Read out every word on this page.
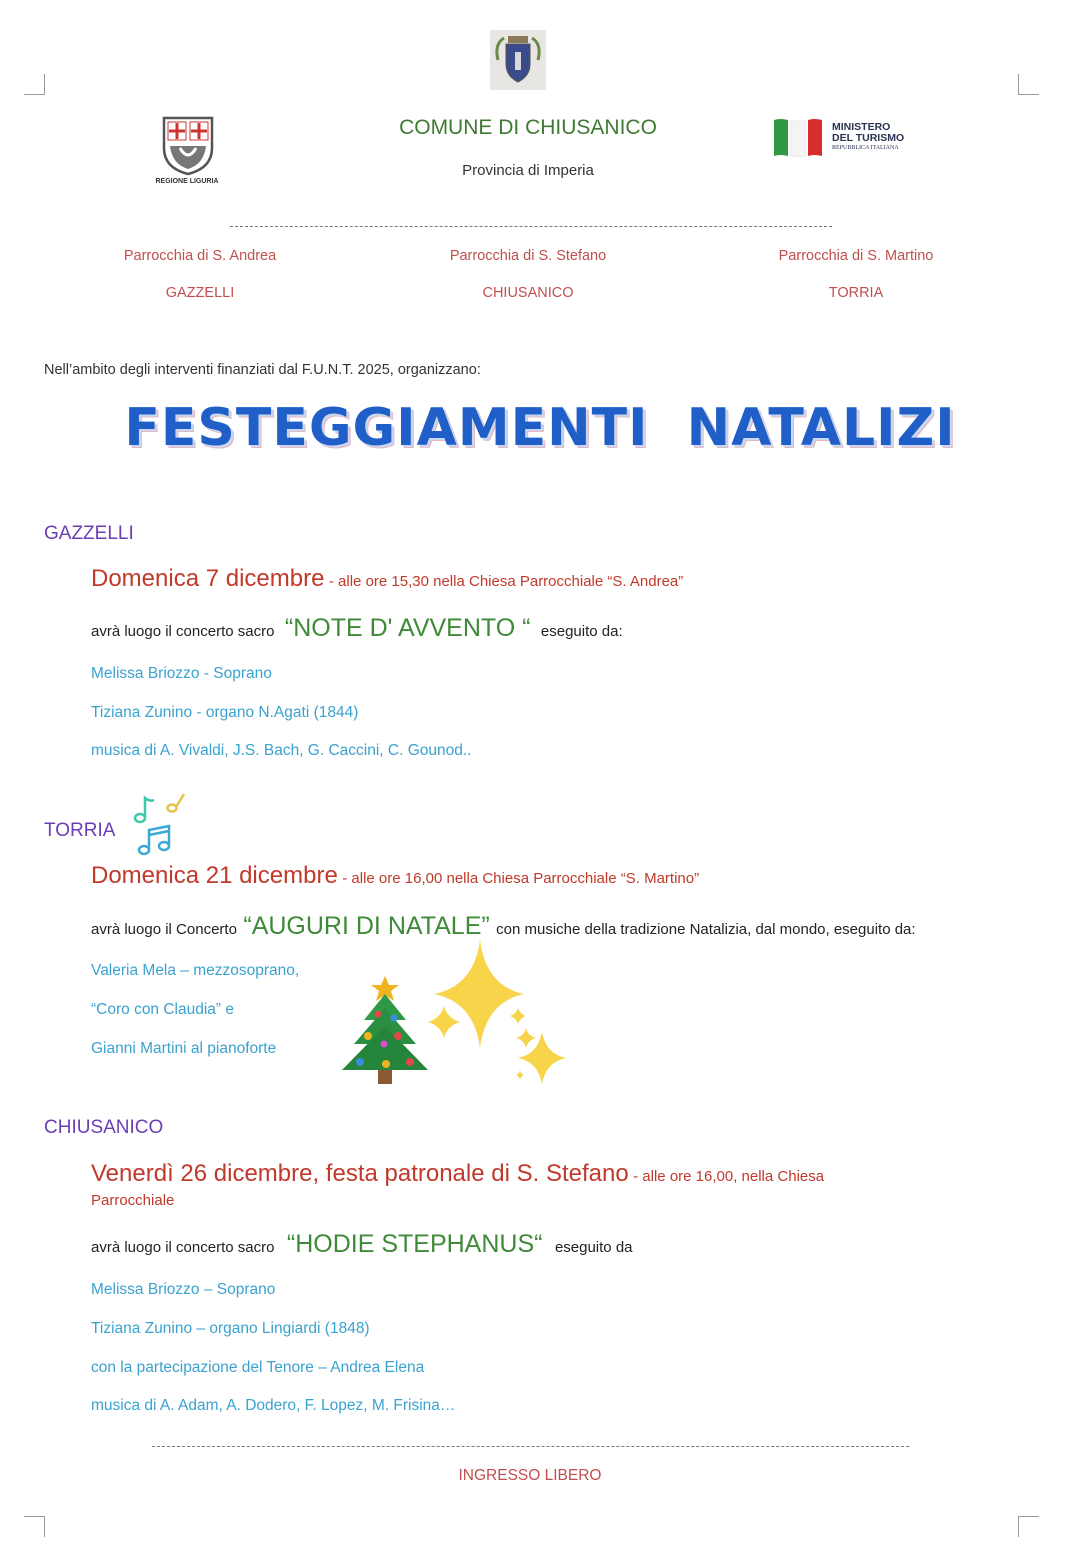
REGIONE LIGURIA
COMUNE DI CHIUSANICO
Provincia di Imperia
MINISTERO
DEL TURISMO
REPUBBLICA ITALIANA
Parrocchia di S. Andrea
GAZZELLI
Parrocchia di S. Stefano
CHIUSANICO
Parrocchia di S. Martino
TORRIA
Nell’ambito degli interventi finanziati dal F.U.N.T. 2025, organizzano:
FESTEGGIAMENTI  NATALIZI
GAZZELLI
Domenica 7 dicembre - alle ore 15,30 nella Chiesa Parrocchiale “S. Andrea”
avrà luogo il concerto sacro “NOTE D' AVVENTO “ eseguito da:
Melissa Briozzo - Soprano
Tiziana Zunino - organo N.Agati (1844)
musica di A. Vivaldi, J.S. Bach, G. Caccini, C. Gounod..
TORRIA
Domenica 21 dicembre - alle ore 16,00 nella Chiesa Parrocchiale “S. Martino”
avrà luogo il Concerto “AUGURI DI NATALE” con musiche della tradizione Natalizia, dal mondo, eseguito da:
Valeria Mela – mezzosoprano,
“Coro con Claudia” e
Gianni Martini al pianoforte
CHIUSANICO
Venerdì 26 dicembre, festa patronale di S. Stefano - alle ore 16,00, nella Chiesa
Parrocchiale
avrà luogo il concerto sacro “HODIE STEPHANUS“ eseguito da
Melissa Briozzo – Soprano
Tiziana Zunino – organo Lingiardi (1848)
con la partecipazione del Tenore – Andrea Elena
musica di A. Adam, A. Dodero, F. Lopez, M. Frisina…
INGRESSO LIBERO
